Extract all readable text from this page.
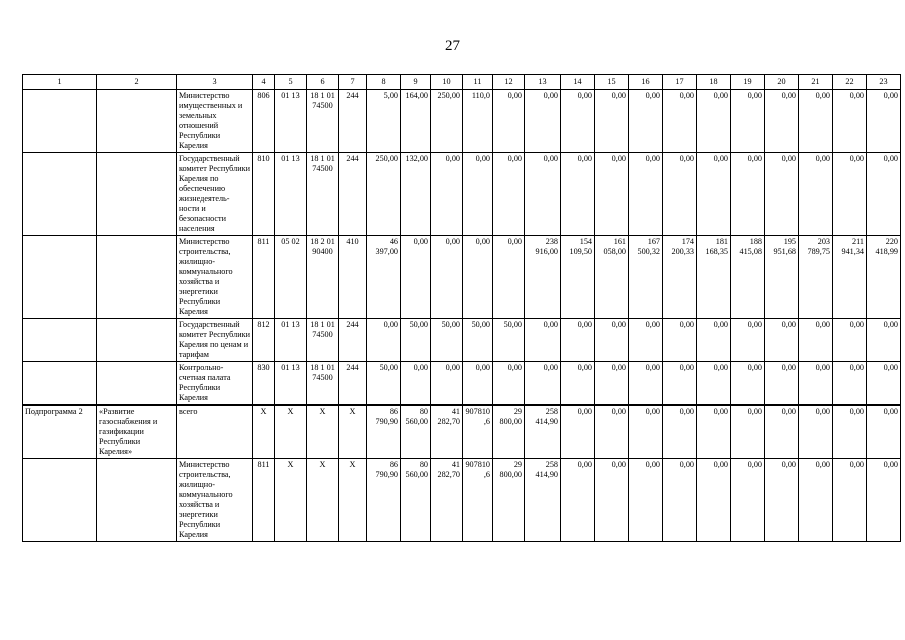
27
1	2	3	4	5	6	7	8	9	10	11	12	13	14	15	16	17	18	19	20	21	22	23
		Министерство имущественных и земельных отношений Республики Карелия	806	01 13	18 1 01 74500	244	5,00	164,00	250,00	110,0	0,00	0,00	0,00	0,00	0,00	0,00	0,00	0,00	0,00	0,00	0,00	0,00
		Государственный комитет Республики Карелия по обеспечению жизнедеятель- ности и безопасности населения	810	01 13	18 1 01 74500	244	250,00	132,00	0,00	0,00	0,00	0,00	0,00	0,00	0,00	0,00	0,00	0,00	0,00	0,00	0,00	0,00
		Министерство строительства, жилищно- коммунального хозяйства и энергетики Республики Карелия	811	05 02	18 2 01 90400	410	46 397,00	0,00	0,00	0,00	0,00	238 916,00	154 109,50	161 058,00	167 500,32	174 200,33	181 168,35	188 415,08	195 951,68	203 789,75	211 941,34	220 418,99
		Государственный комитет Республики Карелия по ценам и тарифам	812	01 13	18 1 01 74500	244	0,00	50,00	50,00	50,00	50,00	0,00	0,00	0,00	0,00	0,00	0,00	0,00	0,00	0,00	0,00	0,00
		Контрольно- счетная палата Республики Карелия	830	01 13	18 1 01 74500	244	50,00	0,00	0,00	0,00	0,00	0,00	0,00	0,00	0,00	0,00	0,00	0,00	0,00	0,00	0,00	0,00
Подпрограмма 2	«Развитие газоснабжения и газификации Республики Карелия»	всего	X	X	X	X	86 790,90	80 560,00	41 282,70	907810 ,6	29 800,00	258 414,90	0,00	0,00	0,00	0,00	0,00	0,00	0,00	0,00	0,00	0,00
		Министерство строительства, жилищно- коммунального хозяйства и энергетики Республики Карелия	811	X	X	X	86 790,90	80 560,00	41 282,70	907810 ,6	29 800,00	258 414,90	0,00	0,00	0,00	0,00	0,00	0,00	0,00	0,00	0,00	0,00
